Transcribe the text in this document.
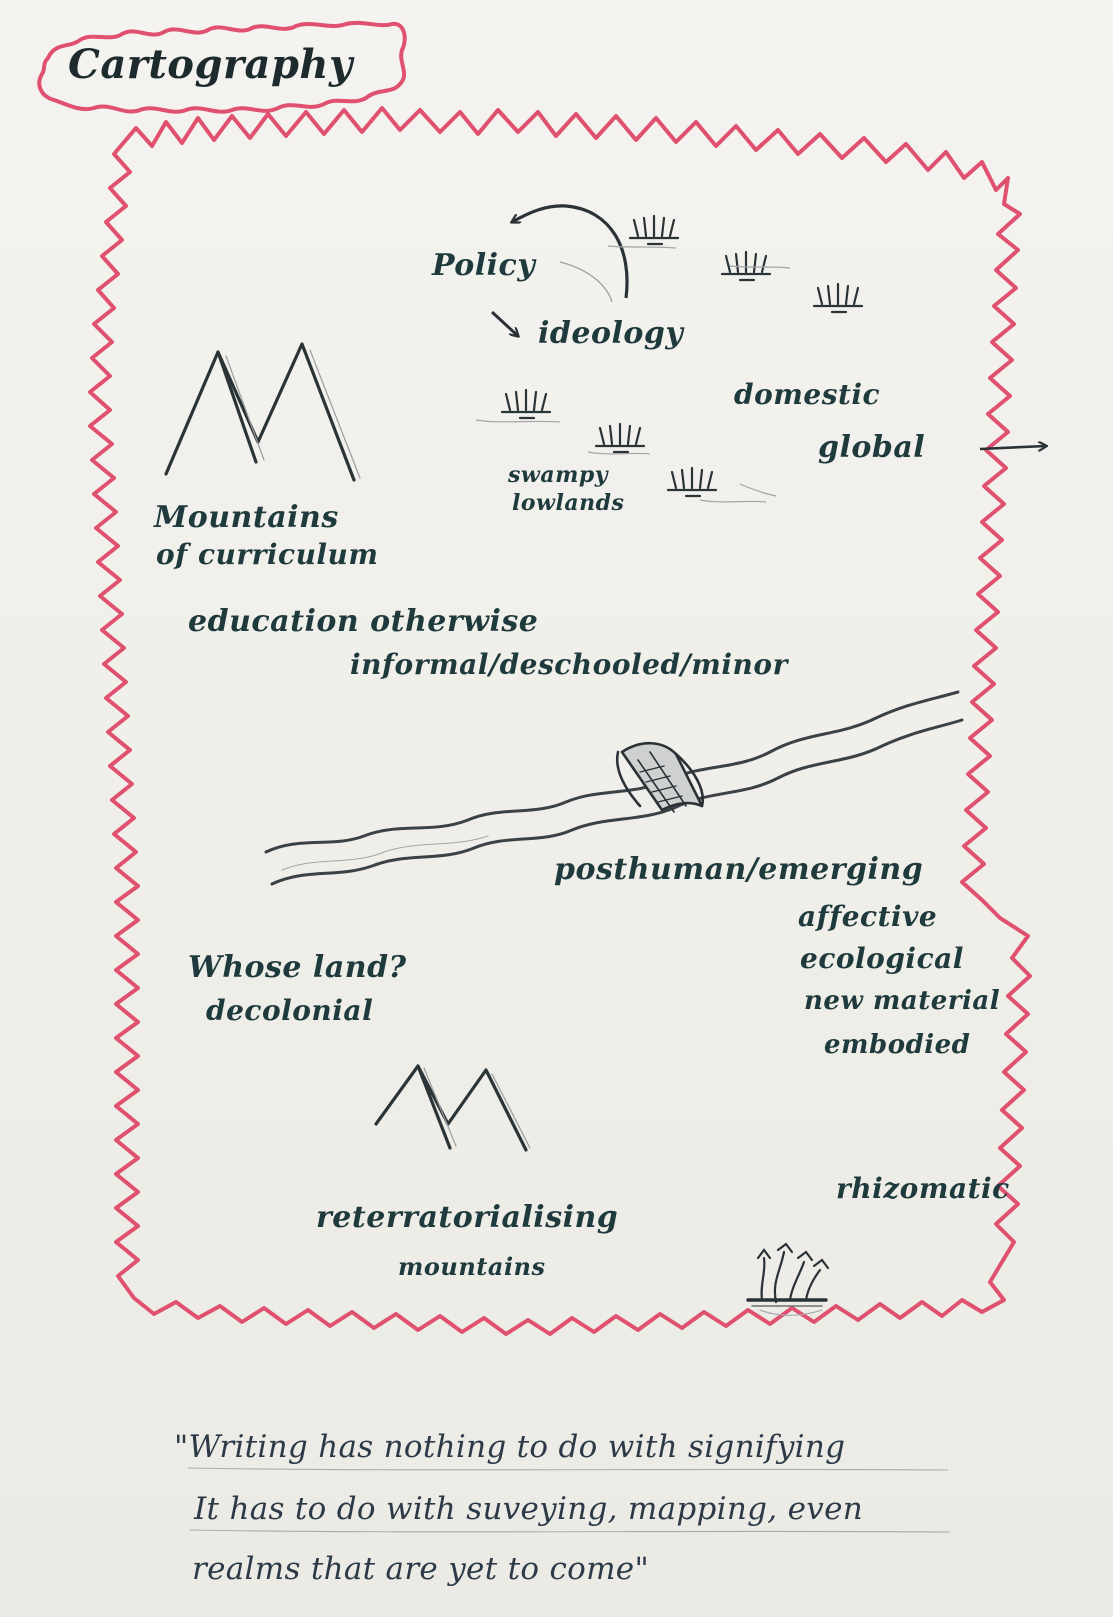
Cartography
Policy
ideology
domestic
global
swampy
lowlands
Mountains
of curriculum
education otherwise
informal/deschooled/minor
posthuman/emerging
affective
ecological
new material
embodied
Whose land?
decolonial
rhizomatic
reterratorialising
mountains
"Writing has nothing to do with signifying
It has to do with suveying, mapping, even
realms that are yet to come"
